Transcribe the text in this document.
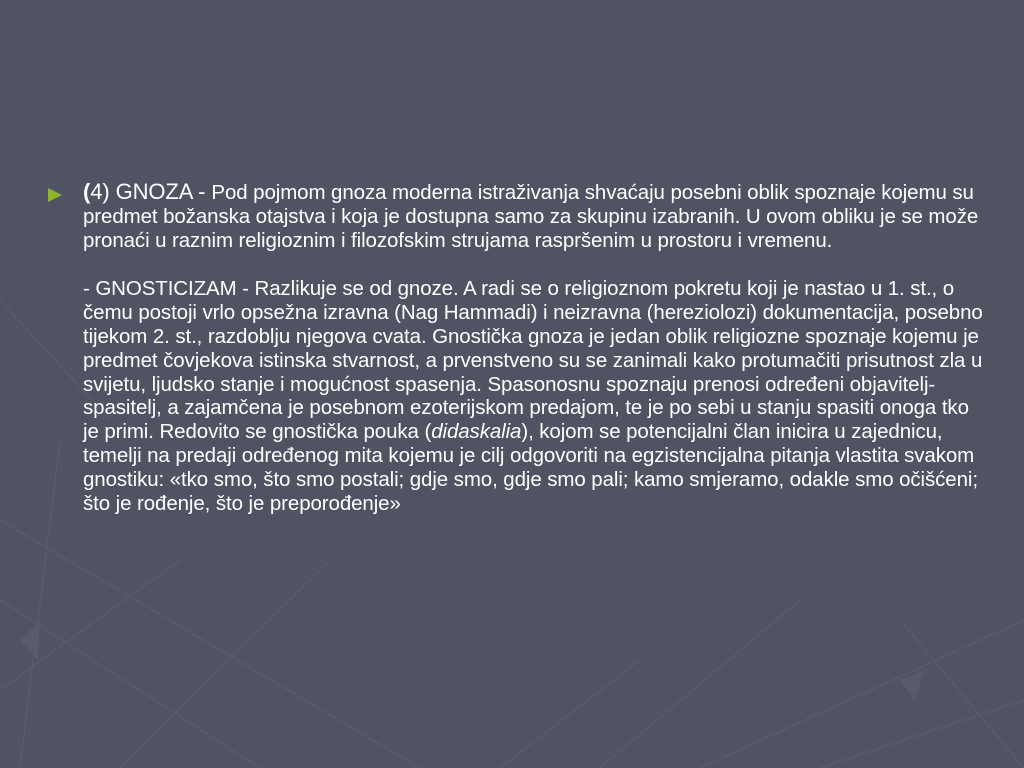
(4) GNOZA - Pod pojmom gnoza moderna istraživanja shvaćaju posebni oblik spoznaje kojemu su predmet božanska otajstva i koja je dostupna samo za skupinu izabranih. U ovom obliku je se može pronaći u raznim religioznim i filozofskim strujama raspršenim u prostoru i vremenu.

- GNOSTICIZAM - Razlikuje se od gnoze. A radi se o religioznom pokretu koji je nastao u 1. st., o čemu postoji vrlo opsežna izravna (Nag Hammadi) i neizravna (hereziolozi) dokumentacija, posebno tijekom 2. st., razdoblju njegova cvata. Gnostička gnoza je jedan oblik religiozne spoznaje kojemu je predmet čovjekova istinska stvarnost, a prvenstveno su se zanimali kako protumačiti prisutnost zla u svijetu, ljudsko stanje i mogućnost spasenja. Spasonosnu spoznaju prenosi određeni objavitelj-spasitelj, a zajamčena je posebnom ezoterijskom predajom, te je po sebi u stanju spasiti onoga tko je primi. Redovito se gnostička pouka (didaskalia), kojom se potencijalni član inicira u zajednicu, temelji na predaji određenog mita kojemu je cilj odgovoriti na egzistencijalna pitanja vlastita svakom gnostiku: «tko smo, što smo postali; gdje smo, gdje smo pali; kamo smjeramo, odakle smo očišćeni; što je rođenje, što je preporođenje»
